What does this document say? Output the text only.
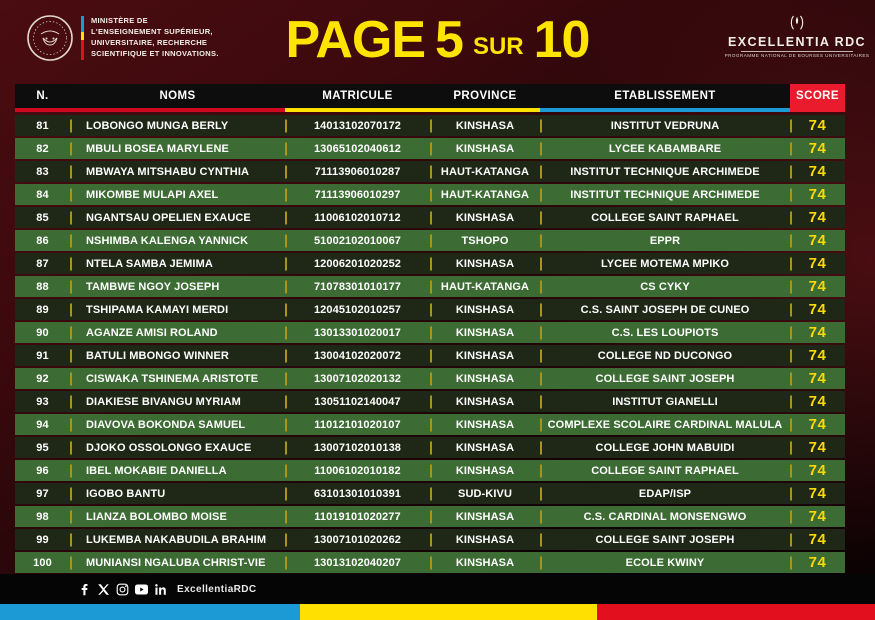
MINISTÈRE DE
L'ENSEIGNEMENT SUPÉRIEUR,
UNIVERSITAIRE, RECHERCHE
SCIENTIFIQUE ET INNOVATIONS. PAGE 5 SUR 10	EXCELLENTIA RDC
PROGRAMME NATIONAL DE BOURSES UNIVERSITAIRES
N.	NOMS	MATRICULE	PROVINCE	ETABLISSEMENT	SCORE
81	LOBONGO MUNGA BERLY	14013102070172	KINSHASA	INSTITUT VEDRUNA	74
82	MBULI BOSEA MARYLENE	13065102040612	KINSHASA	LYCEE KABAMBARE	74
83	MBWAYA MITSHABU CYNTHIA	71113906010287	HAUT-KATANGA	INSTITUT TECHNIQUE ARCHIMEDE	74
84	MIKOMBE MULAPI AXEL	71113906010297	HAUT-KATANGA	INSTITUT TECHNIQUE ARCHIMEDE	74
85	NGANTSAU OPELIEN EXAUCE	11006102010712	KINSHASA	COLLEGE SAINT RAPHAEL	74
86	NSHIMBA KALENGA YANNICK	51002102010067	TSHOPO	EPPR	74
87	NTELA SAMBA JEMIMA	12006201020252	KINSHASA	LYCEE MOTEMA MPIKO	74
88	TAMBWE NGOY JOSEPH	71078301010177	HAUT-KATANGA	CS CYKY	74
89	TSHIPAMA KAMAYI MERDI	12045102010257	KINSHASA	C.S. SAINT JOSEPH DE CUNEO	74
90	AGANZE AMISI ROLAND	13013301020017	KINSHASA	C.S. LES LOUPIOTS	74
91	BATULI MBONGO WINNER	13004102020072	KINSHASA	COLLEGE ND DUCONGO	74
92	CISWAKA TSHINEMA ARISTOTE	13007102020132	KINSHASA	COLLEGE SAINT JOSEPH	74
93	DIAKIESE BIVANGU MYRIAM	13051102140047	KINSHASA	INSTITUT GIANELLI	74
94	DIAVOVA BOKONDA SAMUEL	11012101020107	KINSHASA	COMPLEXE SCOLAIRE CARDINAL MALULA	74
95	DJOKO OSSOLONGO EXAUCE	13007102010138	KINSHASA	COLLEGE JOHN MABUIDI	74
96	IBEL MOKABIE DANIELLA	11006102010182	KINSHASA	COLLEGE SAINT RAPHAEL	74
97	IGOBO BANTU	63101301010391	SUD-KIVU	EDAP/ISP	74
98	LIANZA BOLOMBO MOISE	11019101020277	KINSHASA	C.S. CARDINAL MONSENGWO	74
99	LUKEMBA NAKABUDILA BRAHIM	13007101020262	KINSHASA	COLLEGE SAINT JOSEPH	74
100	MUNIANSI NGALUBA CHRIST-VIE	13013102040207	KINSHASA	ECOLE KWINY	74
ExcellentiaRDC
